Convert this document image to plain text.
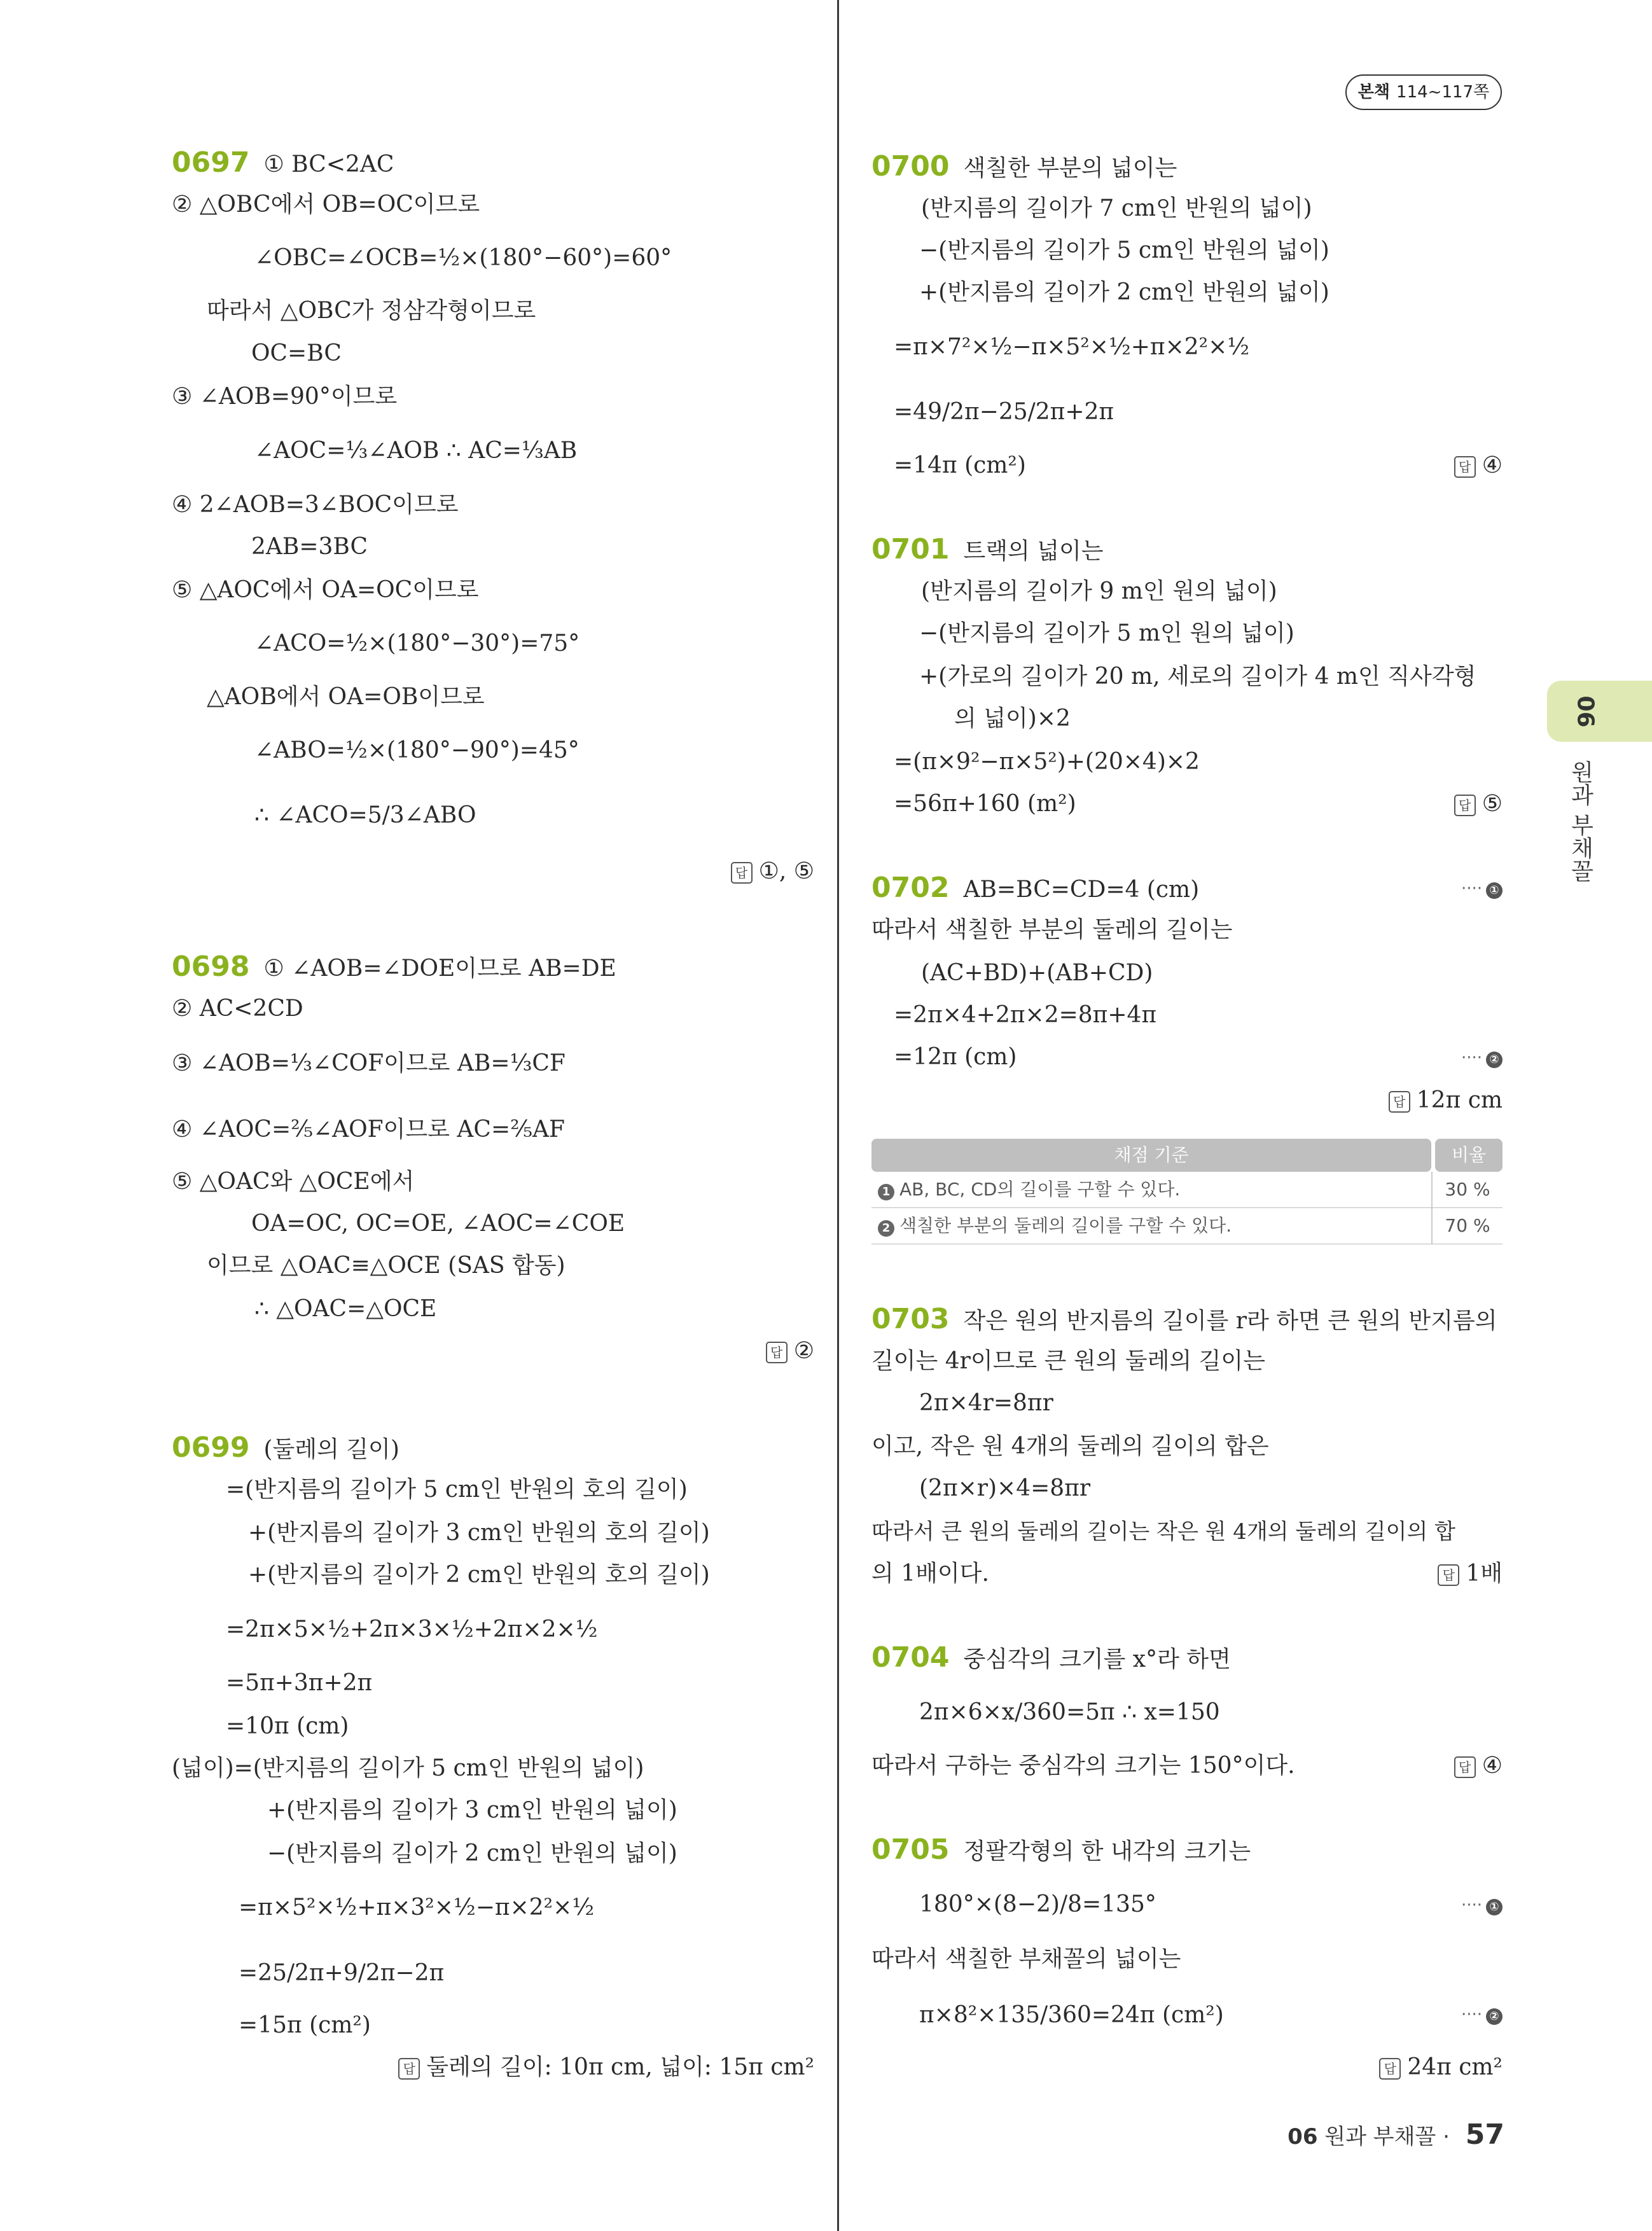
본책 114~117쪽
06
원과 부채꼴
0697 ① BC<2AC
② △OBC에서 OB=OC이므로
∠OBC=∠OCB=½×(180°−60°)=60°
따라서 △OBC가 정삼각형이므로
OC=BC
③ ∠AOB=90°이므로
∠AOC=⅓∠AOB ∴ AC=⅓AB
④ 2∠AOB=3∠BOC이므로
2AB=3BC
⑤ △AOC에서 OA=OC이므로
∠ACO=½×(180°−30°)=75°
△AOB에서 OA=OB이므로
∠ABO=½×(180°−90°)=45°
∴ ∠ACO=5/3∠ABO
답 ①, ⑤
0698 ① ∠AOB=∠DOE이므로 AB=DE
② AC<2CD
③ ∠AOB=⅓∠COF이므로 AB=⅓CF
④ ∠AOC=⅖∠AOF이므로 AC=⅖AF
⑤ △OAC와 △OCE에서
OA=OC, OC=OE, ∠AOC=∠COE
이므로 △OAC≡△OCE (SAS 합동)
∴ △OAC=△OCE
답 ②
0699 (둘레의 길이)
=(반지름의 길이가 5 cm인 반원의 호의 길이)
+(반지름의 길이가 3 cm인 반원의 호의 길이)
+(반지름의 길이가 2 cm인 반원의 호의 길이)
=2π×5×½+2π×3×½+2π×2×½
=5π+3π+2π
=10π (cm)
(넓이)=(반지름의 길이가 5 cm인 반원의 넓이)
+(반지름의 길이가 3 cm인 반원의 넓이)
−(반지름의 길이가 2 cm인 반원의 넓이)
=π×5²×½+π×3²×½−π×2²×½
=25/2π+9/2π−2π
=15π (cm²)
답 둘레의 길이: 10π cm, 넓이: 15π cm²
0700 색칠한 부분의 넓이는
(반지름의 길이가 7 cm인 반원의 넓이)
−(반지름의 길이가 5 cm인 반원의 넓이)
+(반지름의 길이가 2 cm인 반원의 넓이)
=π×7²×½−π×5²×½+π×2²×½
=49/2π−25/2π+2π
=14π (cm²)	답 ④
0701 트랙의 넓이는
(반지름의 길이가 9 m인 원의 넓이)
−(반지름의 길이가 5 m인 원의 넓이)
+(가로의 길이가 20 m, 세로의 길이가 4 m인 직사각형
의 넓이)×2
=(π×9²−π×5²)+(20×4)×2
=56π+160 (m²)	답 ⑤
0702 AB=BC=CD=4 (cm)	···· ①
따라서 색칠한 부분의 둘레의 길이는
(AC+BD)+(AB+CD)
=2π×4+2π×2=8π+4π
=12π (cm)	···· ②
답 12π cm
0703 작은 원의 반지름의 길이를 r라 하면 큰 원의 반지름의
길이는 4r이므로 큰 원의 둘레의 길이는
2π×4r=8πr
이고, 작은 원 4개의 둘레의 길이의 합은
(2π×r)×4=8πr
따라서 큰 원의 둘레의 길이는 작은 원 4개의 둘레의 길이의 합
의 1배이다.	답 1배
0704 중심각의 크기를 x°라 하면
2π×6×x/360=5π ∴ x=150
따라서 구하는 중심각의 크기는 150°이다.	답 ④
0705 정팔각형의 한 내각의 크기는
180°×(8−2)/8=135°	···· ①
따라서 색칠한 부채꼴의 넓이는
π×8²×135/360=24π (cm²)	···· ②
답 24π cm²
채점 기준	비율
1 AB, BC, CD의 길이를 구할 수 있다.	30 %
2 색칠한 부분의 둘레의 길이를 구할 수 있다.	70 %
06 원과 부채꼴 · 57
